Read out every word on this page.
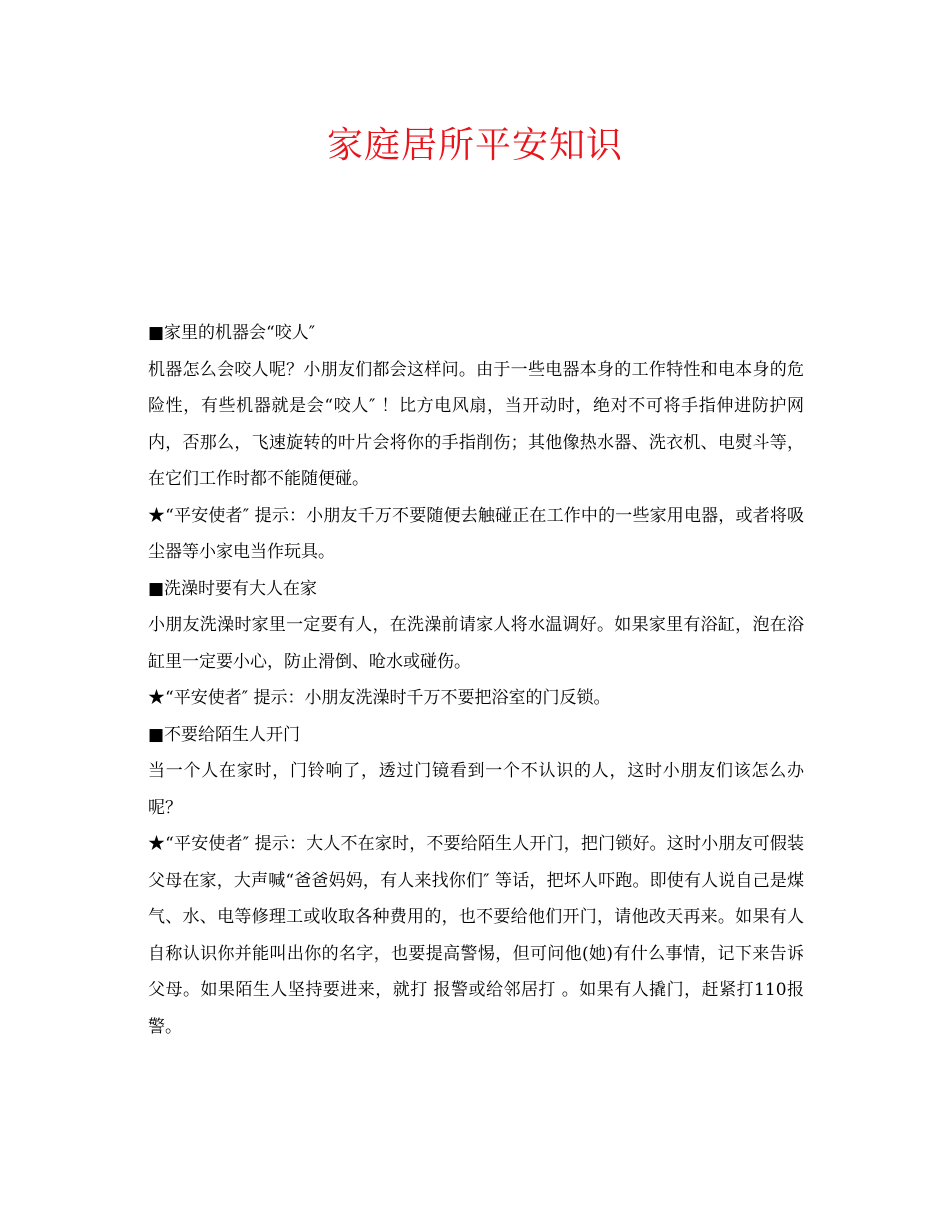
家庭居所平安知识

■家里的机器会“咬人″

机器怎么会咬人呢？小朋友们都会这样问。由于一些电器本身的工作特性和电本身的危险性，有些机器就是会“咬人″ ！比方电风扇，当开动时，绝对不可将手指伸进防护网内，否那么，飞速旋转的叶片会将你的手指削伤；其他像热水器、洗衣机、电熨斗等，在它们工作时都不能随便碰。

★“平安使者″ 提示：小朋友千万不要随便去触碰正在工作中的一些家用电器，或者将吸尘器等小家电当作玩具。

■洗澡时要有大人在家

小朋友洗澡时家里一定要有人，在洗澡前请家人将水温调好。如果家里有浴缸，泡在浴缸里一定要小心，防止滑倒、呛水或碰伤。

★“平安使者″ 提示：小朋友洗澡时千万不要把浴室的门反锁。

■不要给陌生人开门

当一个人在家时，门铃响了，透过门镜看到一个不认识的人，这时小朋友们该怎么办呢？

★“平安使者″ 提示：大人不在家时，不要给陌生人开门，把门锁好。这时小朋友可假装父母在家，大声喊“爸爸妈妈，有人来找你们″ 等话，把坏人吓跑。即使有人说自己是煤气、水、电等修理工或收取各种费用的，也不要给他们开门，请他改天再来。如果有人自称认识你并能叫出你的名字，也要提高警惕，但可问他(她)有什么事情，记下来告诉父母。如果陌生人坚持要进来，就打 报警或给邻居打 。如果有人撬门，赶紧打110报警。
